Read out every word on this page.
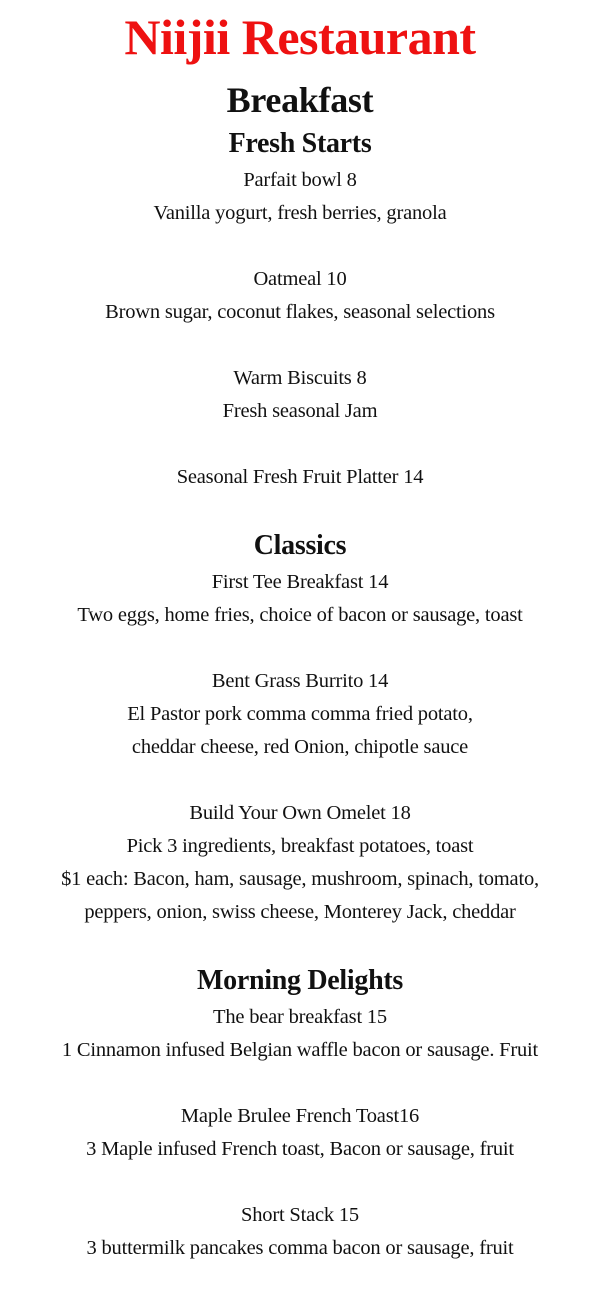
Niijii Restaurant
Breakfast
Fresh Starts
Parfait bowl 8
Vanilla yogurt, fresh berries, granola
Oatmeal 10
Brown sugar, coconut flakes, seasonal selections
Warm Biscuits 8
Fresh seasonal Jam
Seasonal Fresh Fruit Platter 14
Classics
First Tee Breakfast 14
Two eggs, home fries, choice of bacon or sausage, toast
Bent Grass Burrito 14
El Pastor pork comma comma fried potato,
cheddar cheese, red Onion, chipotle sauce
Build Your Own Omelet 18
Pick 3 ingredients, breakfast potatoes, toast
$1 each: Bacon, ham, sausage, mushroom, spinach, tomato,
peppers, onion, swiss cheese, Monterey Jack, cheddar
Morning Delights
The bear breakfast 15
1 Cinnamon infused Belgian waffle bacon or sausage. Fruit
Maple Brulee French Toast16
3 Maple infused French toast, Bacon or sausage, fruit
Short Stack 15
3 buttermilk pancakes comma bacon or sausage, fruit
